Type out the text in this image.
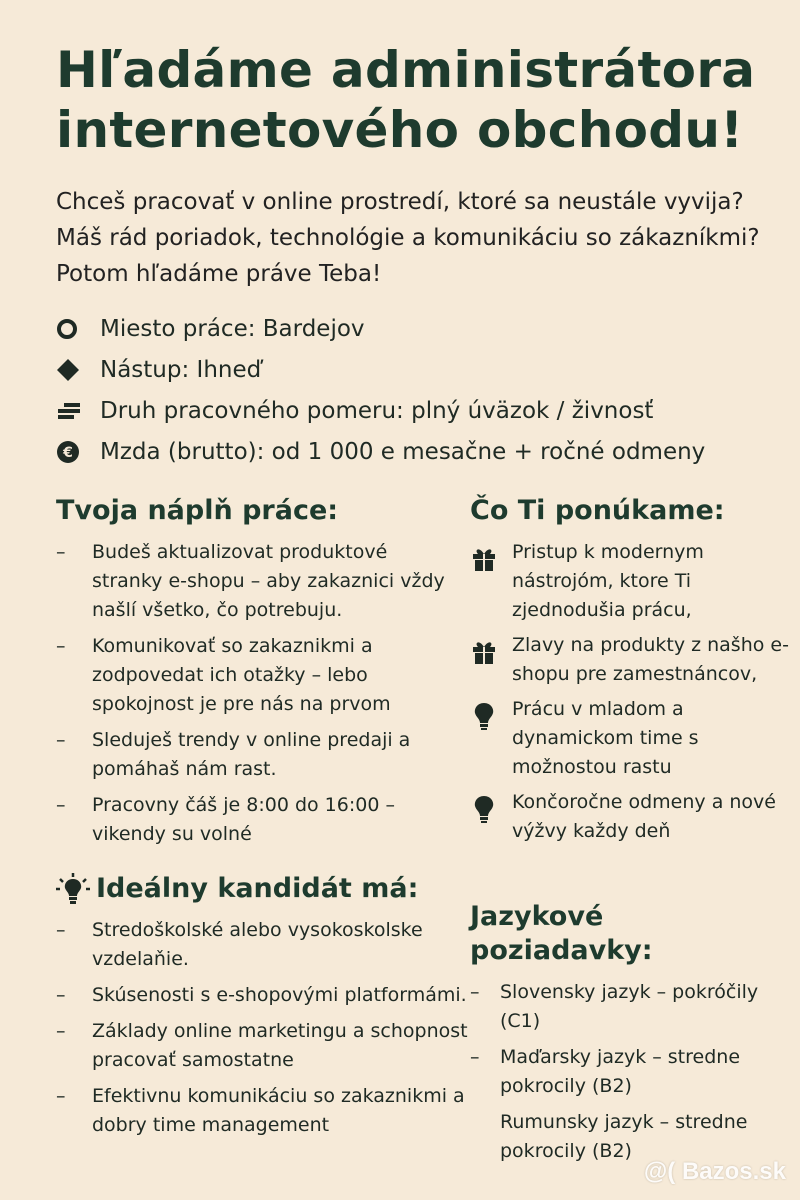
Hľadáme administrátora
internetového obchodu!
Chceš pracovať v online prostredí, ktoré sa neustále vyvija? Máš rád poriadok, technológie a komunikáciu so zákazníkmi? Potom hľadáme práve Teba!
Miesto práce: Bardejov
Nástup: Ihneď
Druh pracovného pomeru: plný úväzok / živnosť
€ Mzda (brutto): od 1 000 e mesačne + ročné odmeny
Tvoja náplň práce:
– Budeš aktualizovat produktové stranky e-shopu – aby zakaznici vždy našlí všetko, čo potrebuju.
– Komunikovať so zakaznikmi a zodpovedat ich otažky – lebo spokojnost je pre nás na prvom
– Sleduješ trendy v online predaji a pomáhaš nám rast.
– Pracovny čáš je 8:00 do 16:00 – vikendy su volné
Čo Ti ponúkame:
Pristup k modernym nástrojóm, ktore Ti zjednodušia prácu,
Zlavy na produkty z našho e-shopu pre zamestnáncov,
Prácu v mladom a dynamickom time s možnostou rastu
Končoročne odmeny a nové výžvy každy deň
Ideálny kandidát má:
– Stredoškolské alebo vysokoskolske vzdelaňie.
– Skúsenosti s e-shopovými platformámi.
– Základy online marketingu a schopnost pracovať samostatne
– Efektivnu komunikáciu so zakaznikmi a dobry time management
Jazykové poziadavky:
– Slovensky jazyk – pokróčily (C1)
– Maďarsky jazyk – stredne pokrocily (B2)
Rumunsky jazyk – stredne pokrocily (B2)
@( Bazos.sk
